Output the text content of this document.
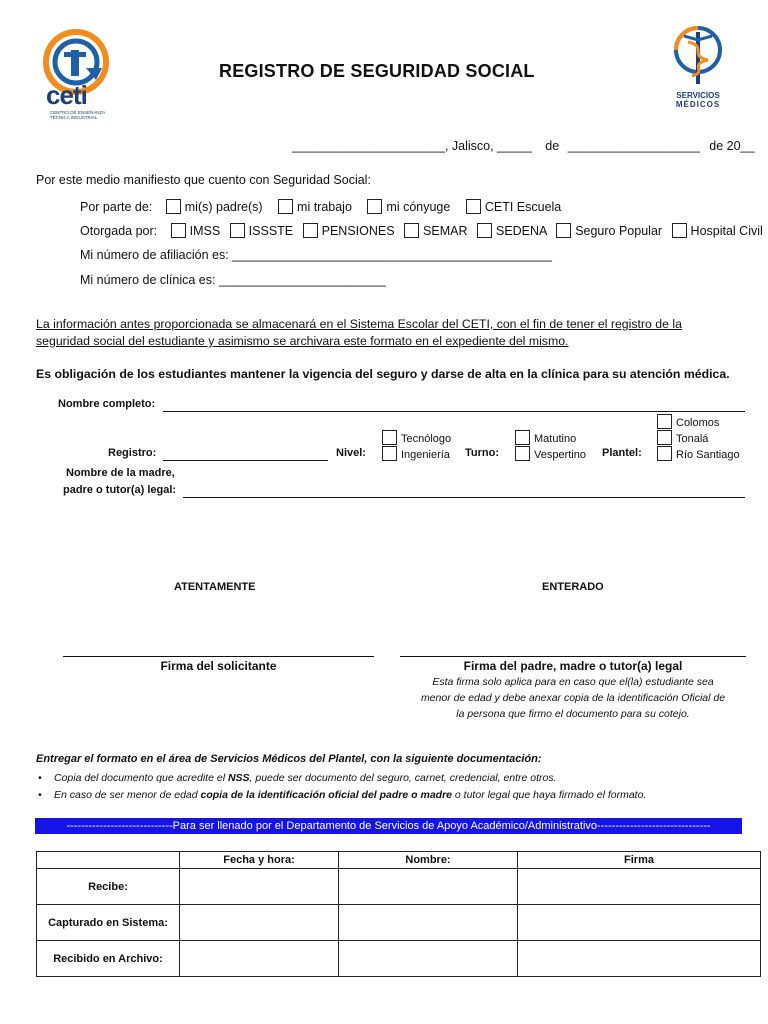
ceti
CENTRO DE ENSEÑANZA
TÉCNICA INDUSTRIAL
REGISTRO DE SEGURIDAD SOCIAL
SERVICIOS
MÉDICOS
______________________, Jalisco, _____ de ___________________ de 20__
Por este medio manifiesto que cuento con Seguridad Social:
Por parte de:	mi(s) padre(s)	mi trabajo	mi cónyuge	CETI Escuela
Otorgada por:	IMSS ISSSTE PENSIONES SEMAR SEDENA Seguro Popular Hospital Civil
Mi número de afiliación es: ______________________________________________
Mi número de clínica es: ________________________
La información antes proporcionada se almacenará en el Sistema Escolar del CETI, con el fin de tener el registro de la
seguridad social del estudiante y asimismo se archivara este formato en el expediente del mismo.
Es obligación de los estudiantes mantener la vigencia del seguro y darse de alta en la clínica para su atención médica.
Nombre completo:
Colomos
Tonalá
Río Santiago
Tecnólogo
Ingeniería
Matutino
Vespertino
Registro:	Nivel:	Turno:	Plantel:
Nombre de la madre,
padre o tutor(a) legal:
ATENTAMENTE	ENTERADO
Firma del solicitante	Firma del padre, madre o tutor(a) legal
Esta firma solo aplica para en caso que el(la) estudiante sea
menor de edad y debe anexar copia de la identificación Oficial de
la persona que firmo el documento para su cotejo.
Entregar el formato en el área de Servicios Médicos del Plantel, con la siguiente documentación:
• Copia del documento que acredite el NSS, puede ser documento del seguro, carnet, credencial, entre otros.
• En caso de ser menor de edad copia de la identificación oficial del padre o madre o tutor legal que haya firmado el formato.
-----------------------------Para ser llenado por el Departamento de Servicios de Apoyo Académico/Administrativo-------------------------------
	Fecha y hora:	Nombre:	Firma
Recibe:			
Capturado en Sistema:			
Recibido en Archivo:			
